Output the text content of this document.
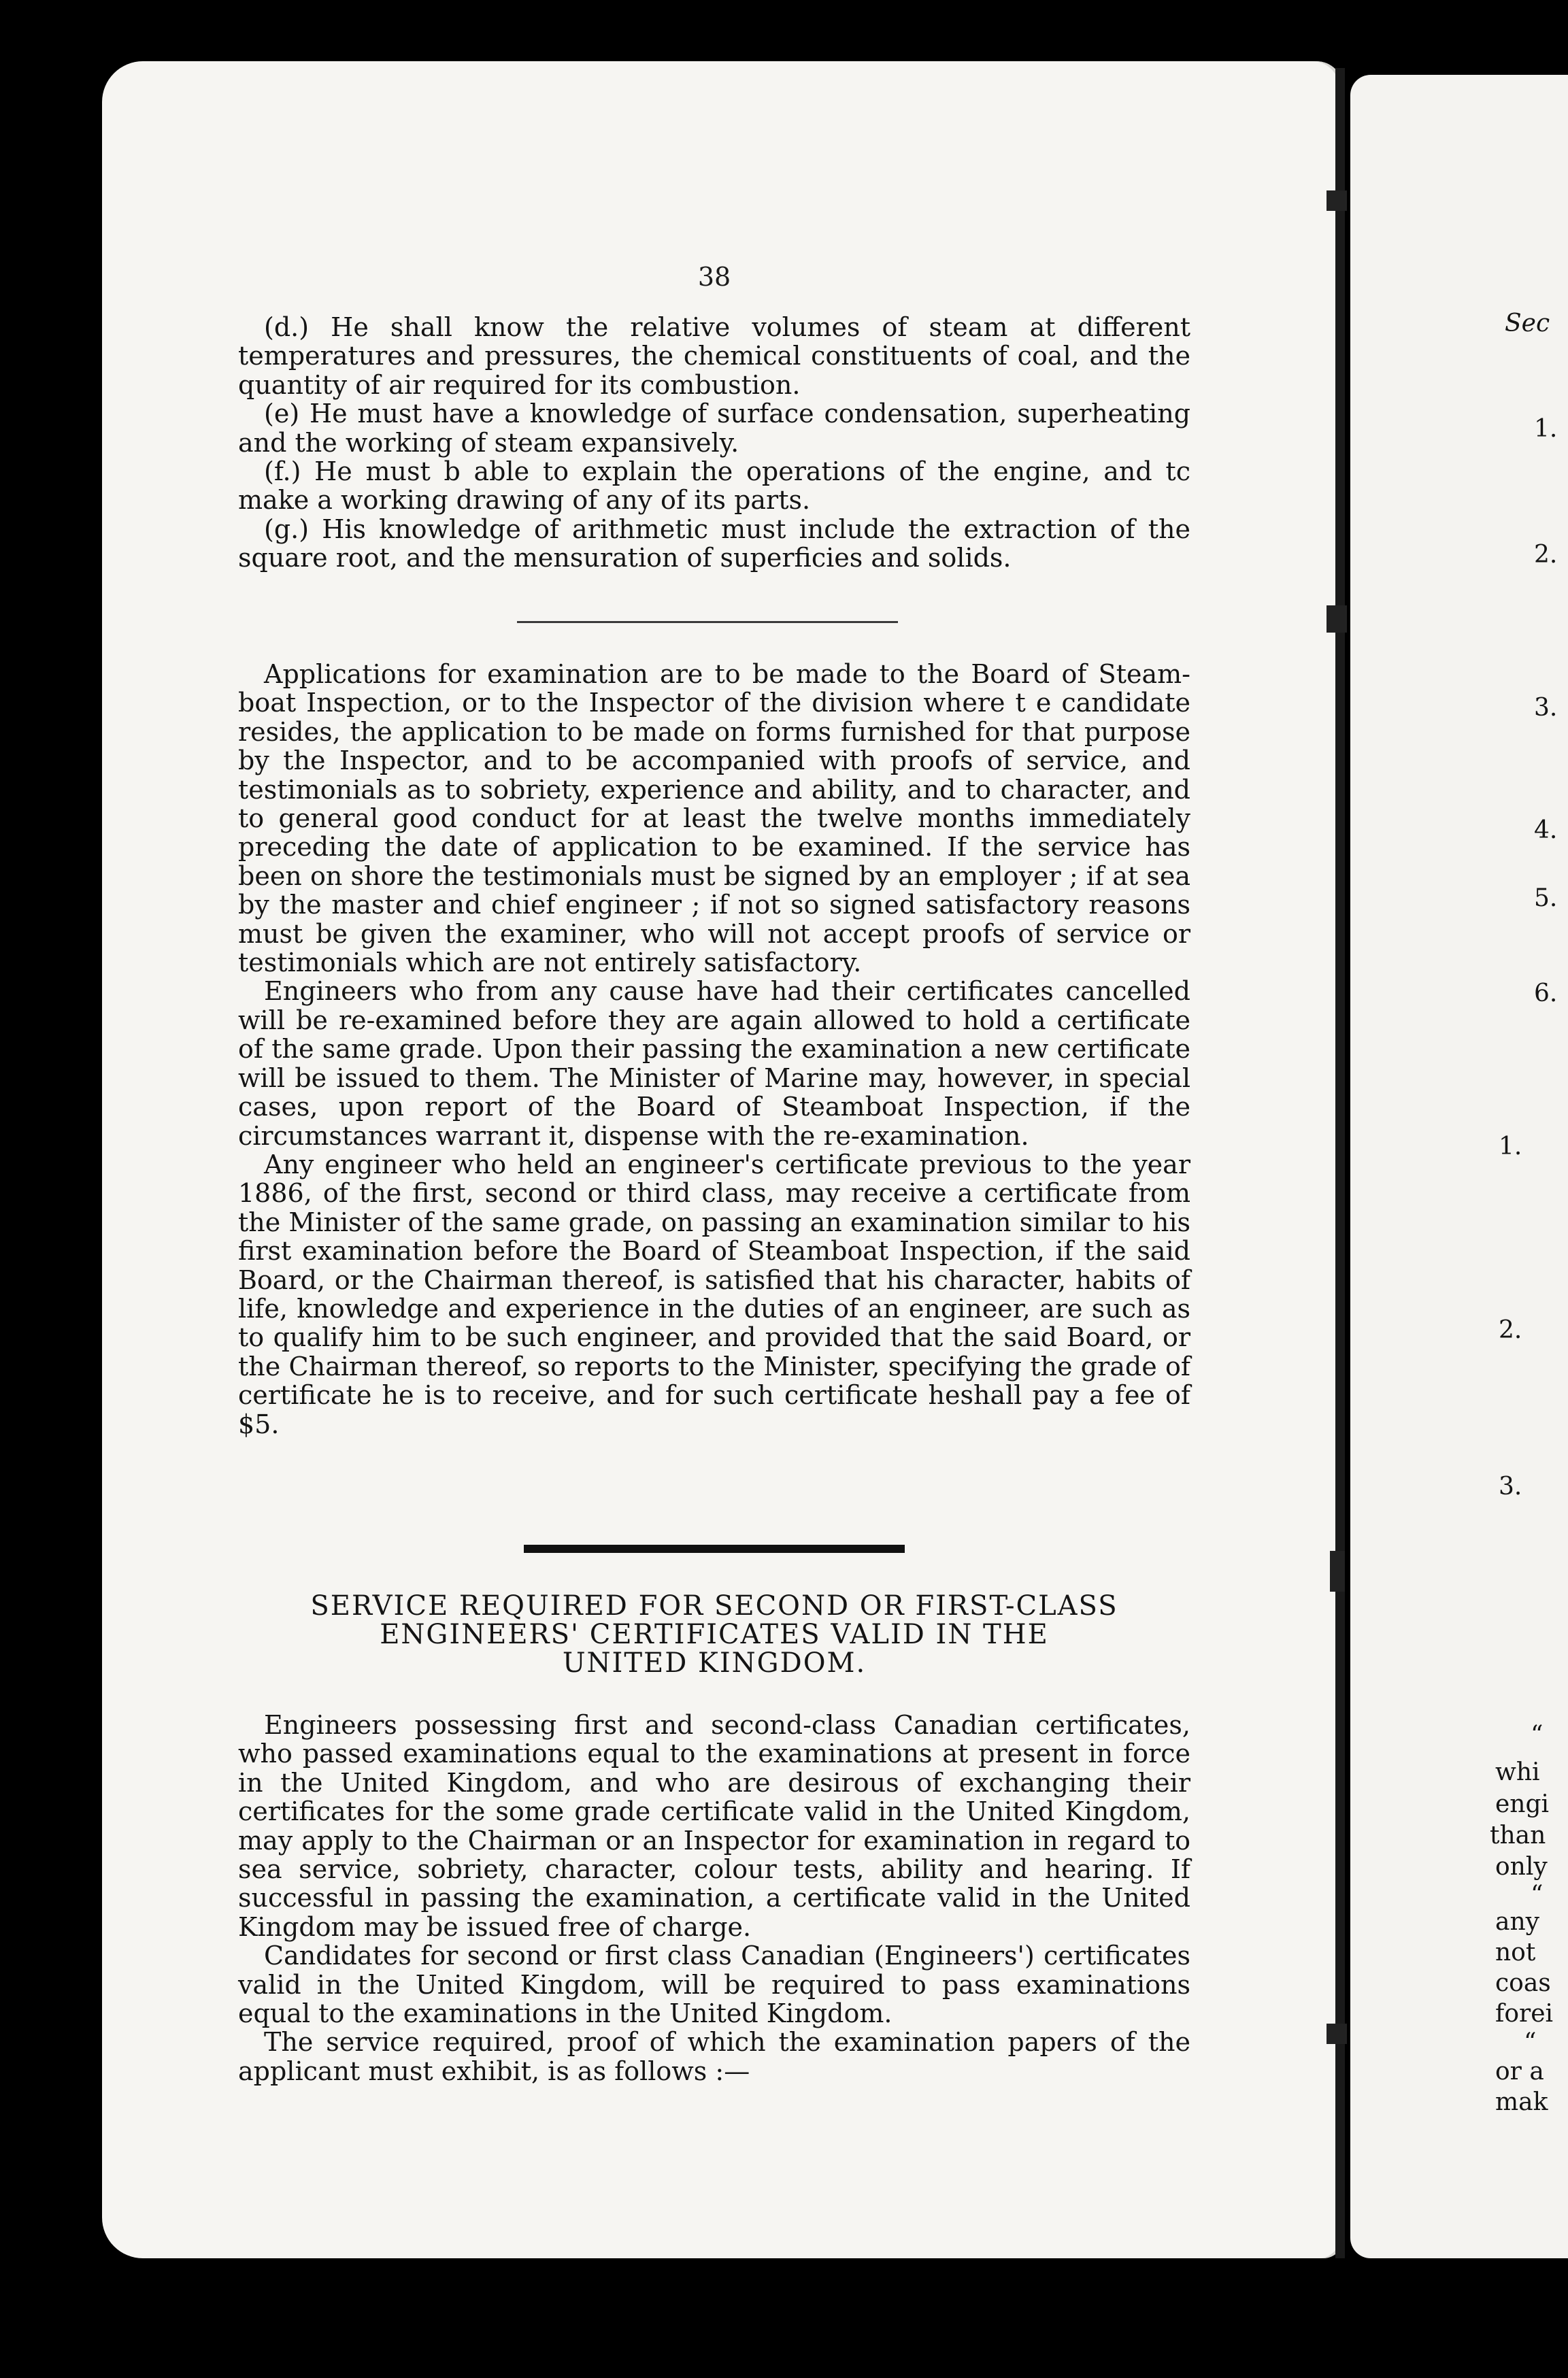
38

(d.) He shall know the relative volumes of steam at different temperatures and pressures, the chemical constituents of coal, and the quantity of air required for its combustion.

(e) He must have a knowledge of surface condensation, superheating and the working of steam expansively.

(f.) He must b able to explain the operations of the engine, and tc make a working drawing of any of its parts.

(g.) His knowledge of arithmetic must include the extraction of the square root, and the mensuration of superficies and solids.

Applications for examination are to be made to the Board of Steam-boat Inspection, or to the Inspector of the division where t e candidate resides, the application to be made on forms furnished for that purpose by the Inspector, and to be accompanied with proofs of service, and testimonials as to sobriety, experience and ability, and to character, and to general good conduct for at least the twelve months immediately preceding the date of application to be examined. If the service has been on shore the testimonials must be signed by an employer ; if at sea by the master and chief engineer ; if not so signed satisfactory reasons must be given the examiner, who will not accept proofs of service or testimonials which are not entirely satisfactory.

Engineers who from any cause have had their certificates cancelled will be re-examined before they are again allowed to hold a certificate of the same grade. Upon their passing the examination a new certificate will be issued to them. The Minister of Marine may, however, in special cases, upon report of the Board of Steamboat Inspection, if the circumstances warrant it, dispense with the re-examination.

Any engineer who held an engineer's certificate previous to the year 1886, of the first, second or third class, may receive a certificate from the Minister of the same grade, on passing an examination similar to his first examination before the Board of Steamboat Inspection, if the said Board, or the Chairman thereof, is satisfied that his character, habits of life, knowledge and experience in the duties of an engineer, are such as to qualify him to be such engineer, and provided that the said Board, or the Chairman thereof, so reports to the Minister, specifying the grade of certificate he is to receive, and for such certificate heshall pay a fee of $5.

SERVICE REQUIRED FOR SECOND OR FIRST-CLASS
ENGINEERS' CERTIFICATES VALID IN THE
UNITED KINGDOM.

Engineers possessing first and second-class Canadian certificates, who passed examinations equal to the examinations at present in force in the United Kingdom, and who are desirous of exchanging their certificates for the some grade certificate valid in the United Kingdom, may apply to the Chairman or an Inspector for examination in regard to sea service, sobriety, character, colour tests, ability and hearing. If successful in passing the examination, a certificate valid in the United Kingdom may be issued free of charge.

Candidates for second or first class Canadian (Engineers') certificates valid in the United Kingdom, will be required to pass examinations equal to the examinations in the United Kingdom.

The service required, proof of which the examination papers of the applicant must exhibit, is as follows :—

Sec
1.
2.
3.
4.
5.
6.
1.
2.
3.
“
whi
engi
than
only
“
any
not
coas
forei
“
or a
mak
